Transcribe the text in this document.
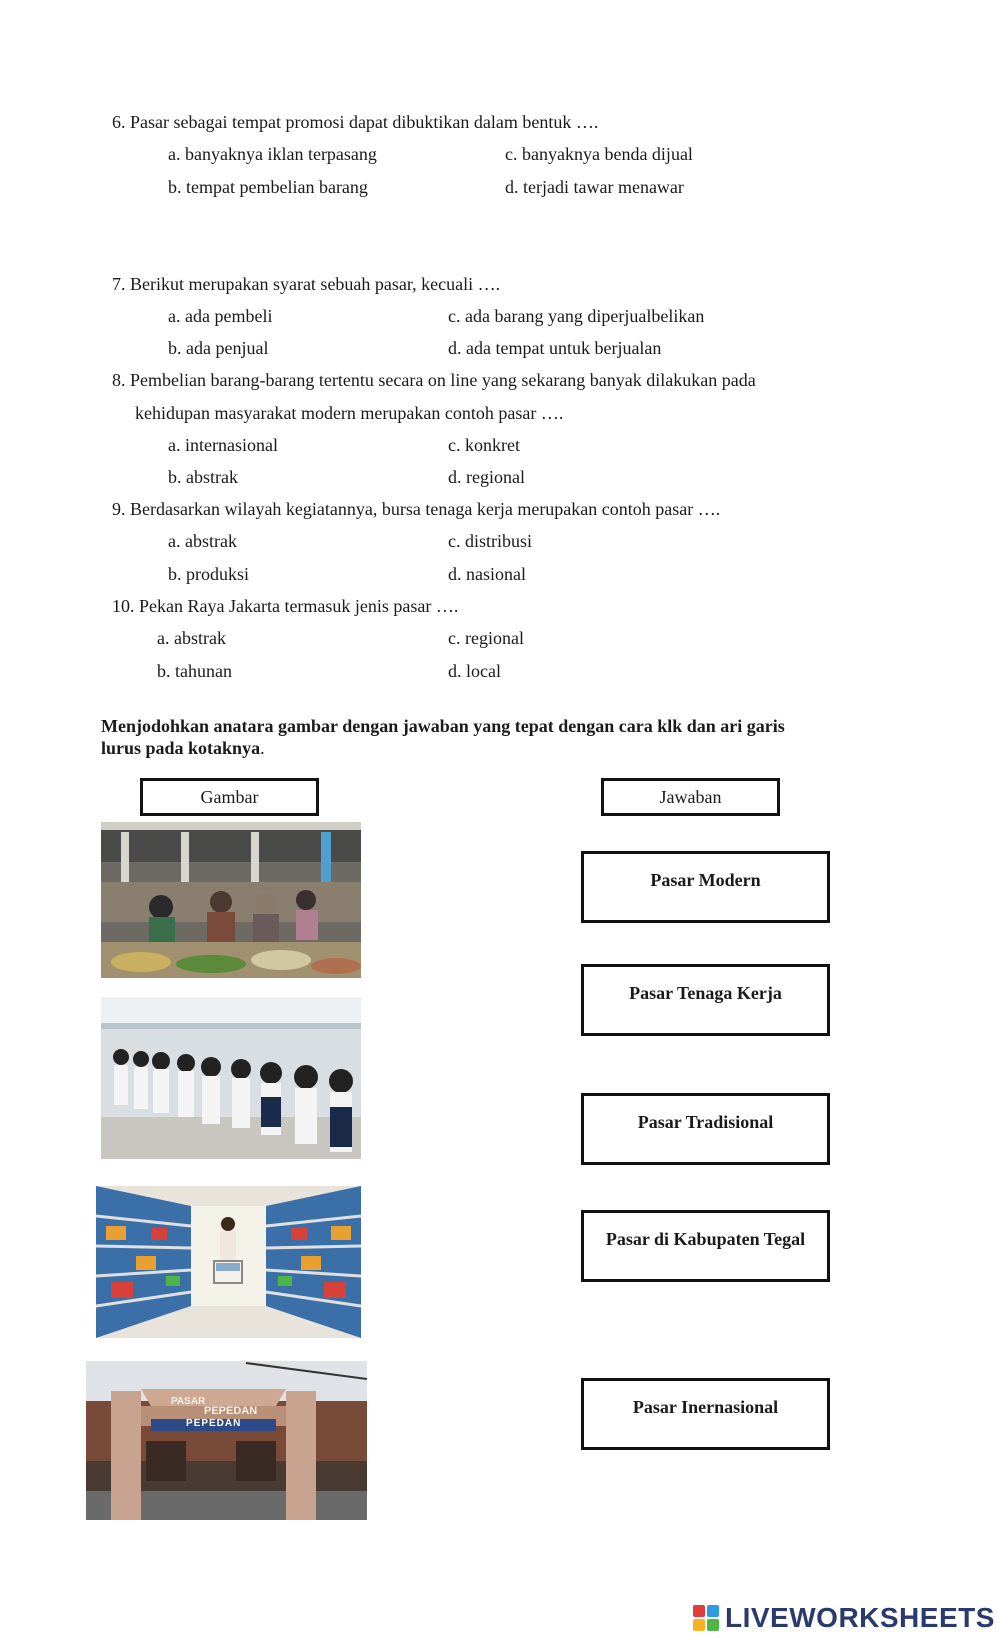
6. Pasar sebagai tempat promosi dapat dibuktikan dalam bentuk ….
a. banyaknya iklan terpasang
b. tempat pembelian barang
c. banyaknya benda dijual
d. terjadi tawar menawar
7. Berikut merupakan syarat sebuah pasar, kecuali ….
a. ada pembeli
b. ada penjual
c. ada barang yang diperjualbelikan
d. ada tempat untuk berjualan
8. Pembelian barang-barang tertentu secara on line yang sekarang banyak dilakukan pada
kehidupan masyarakat modern merupakan contoh pasar ….
a. internasional
b. abstrak
c. konkret
d. regional
9. Berdasarkan wilayah kegiatannya, bursa tenaga kerja merupakan contoh pasar ….
a. abstrak
b. produksi
c. distribusi
d. nasional
10. Pekan Raya Jakarta termasuk jenis pasar ….
a. abstrak
b. tahunan
c. regional
d. local
Menjodohkan anatara gambar dengan jawaban yang tepat dengan cara klk dan ari garis
lurus pada kotaknya.
Gambar	Jawaban
PASAR
PEPEDAN
PEPEDAN
Pasar Modern
Pasar Tenaga Kerja
Pasar Tradisional
Pasar di Kabupaten Tegal
Pasar Inernasional
LIVEWORKSHEETS
